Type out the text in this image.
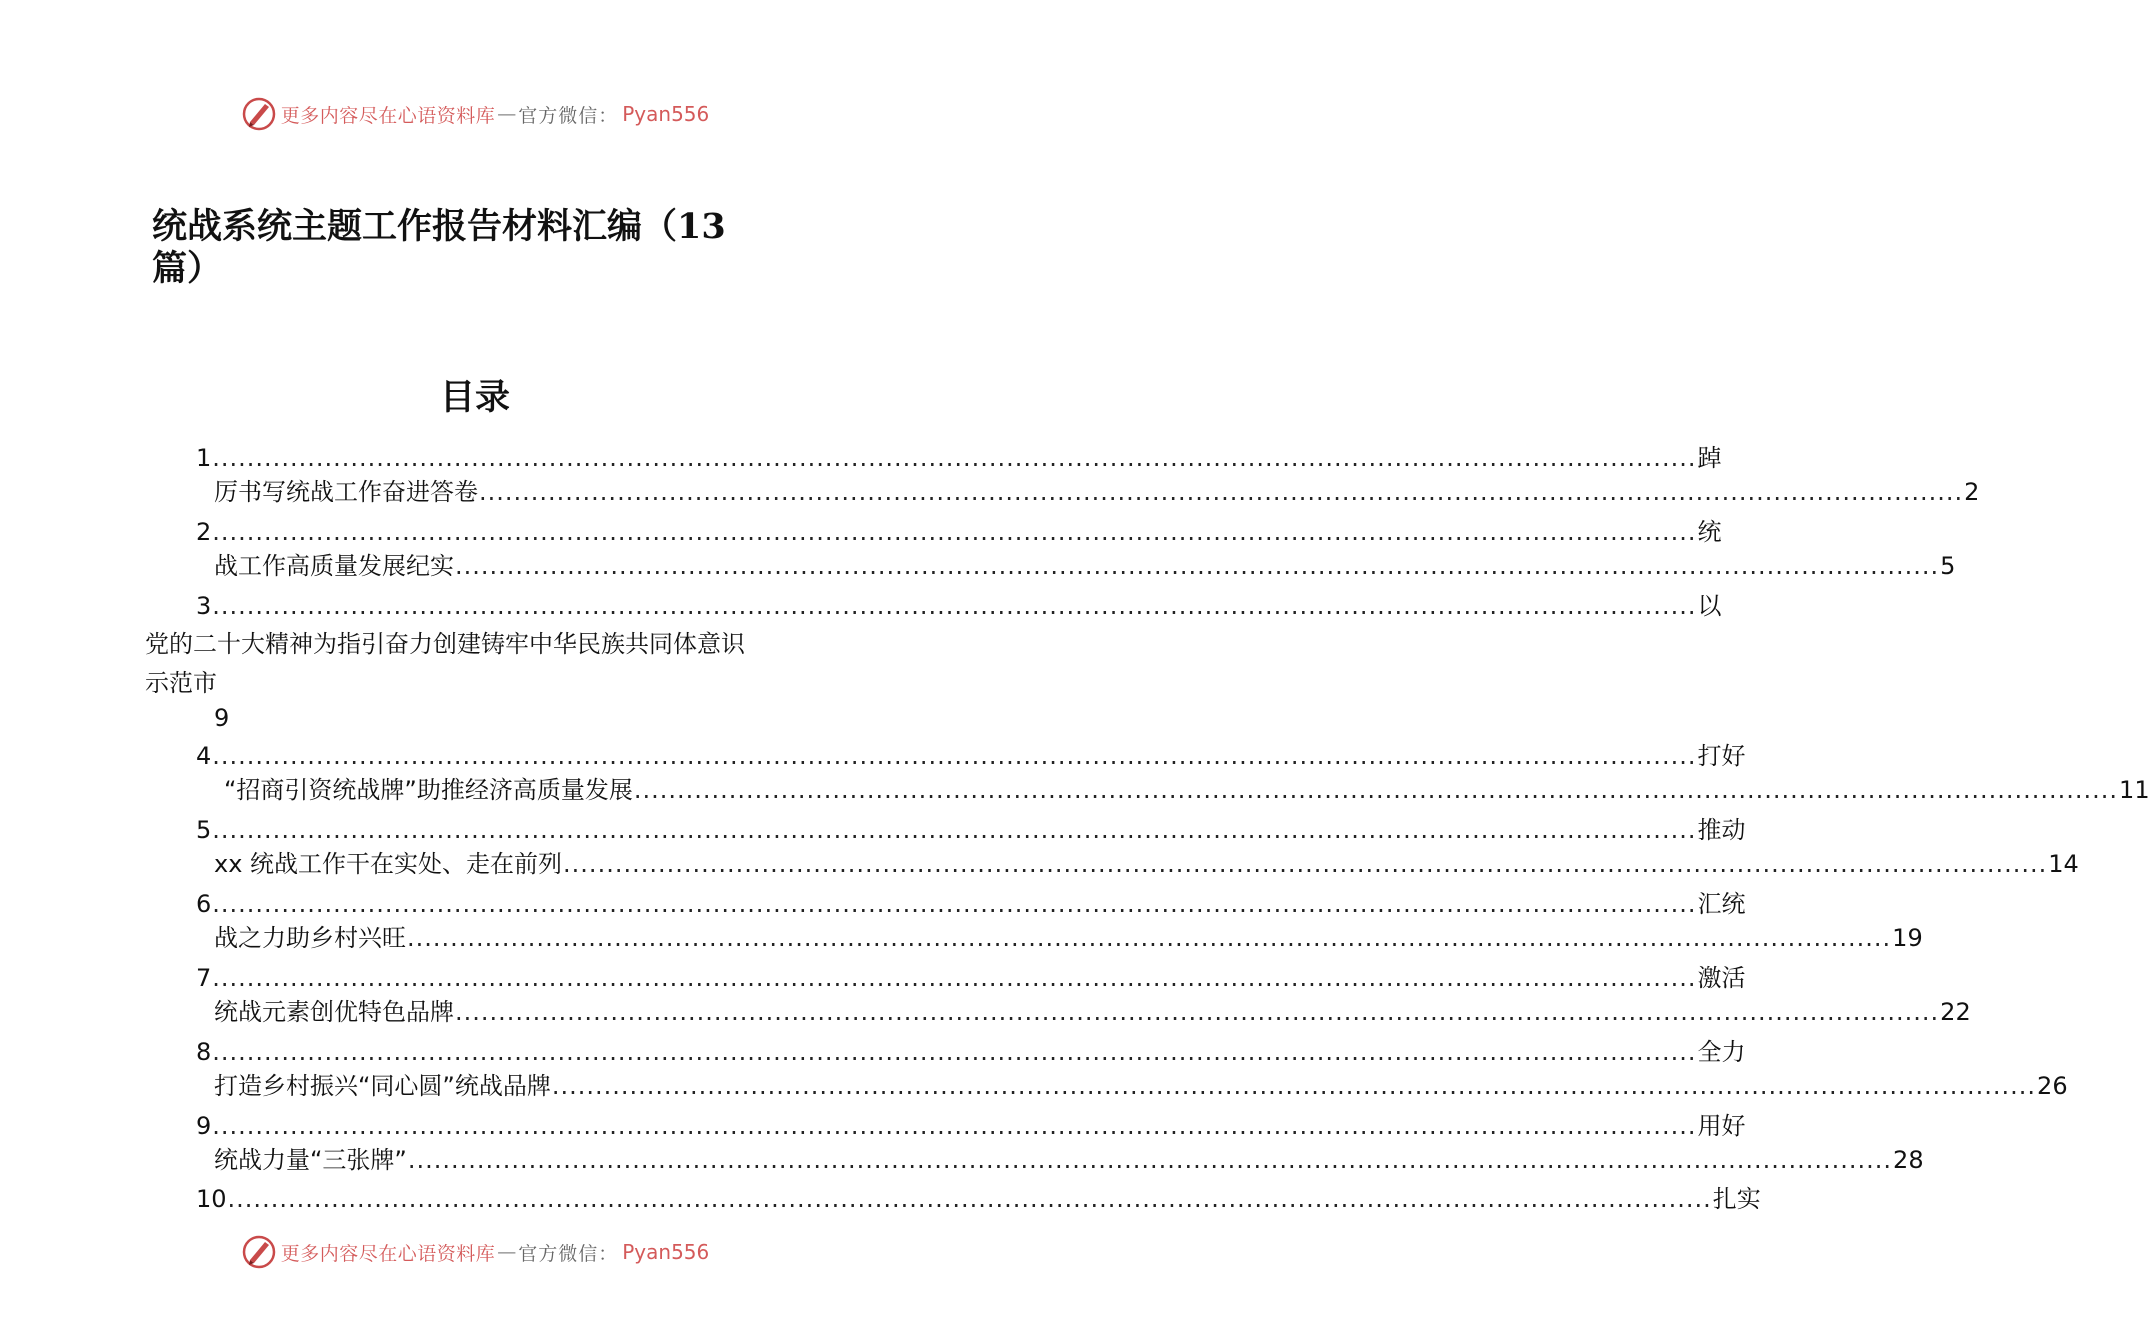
更多内容尽在心语资料库 — 官方微信： Pyan556
统战系统主题工作报告材料汇编（13
篇）
目录
1 ............................................................................................................................................................................ 踔
厉书写统战工作奋进答卷 ............................................................................................................................................................................ 2
2 ............................................................................................................................................................................ 统
战工作高质量发展纪实 ............................................................................................................................................................................ 5
3 ............................................................................................................................................................................ 以
党的二十大精神为指引奋力创建铸牢中华民族共同体意识
示范市
9
4 ............................................................................................................................................................................ 打好
“招商引资统战牌”助推经济高质量发展 ............................................................................................................................................................................ 11
5 ............................................................................................................................................................................ 推动
xx 统战工作干在实处、走在前列 ............................................................................................................................................................................ 14
6 ............................................................................................................................................................................ 汇统
战之力助乡村兴旺 ............................................................................................................................................................................ 19
7 ............................................................................................................................................................................ 激活
统战元素创优特色品牌 ............................................................................................................................................................................ 22
8 ............................................................................................................................................................................ 全力
打造乡村振兴“同心圆”统战品牌 ............................................................................................................................................................................ 26
9 ............................................................................................................................................................................ 用好
统战力量“三张牌” ............................................................................................................................................................................ 28
10 ............................................................................................................................................................................ 扎实
更多内容尽在心语资料库 — 官方微信： Pyan556
